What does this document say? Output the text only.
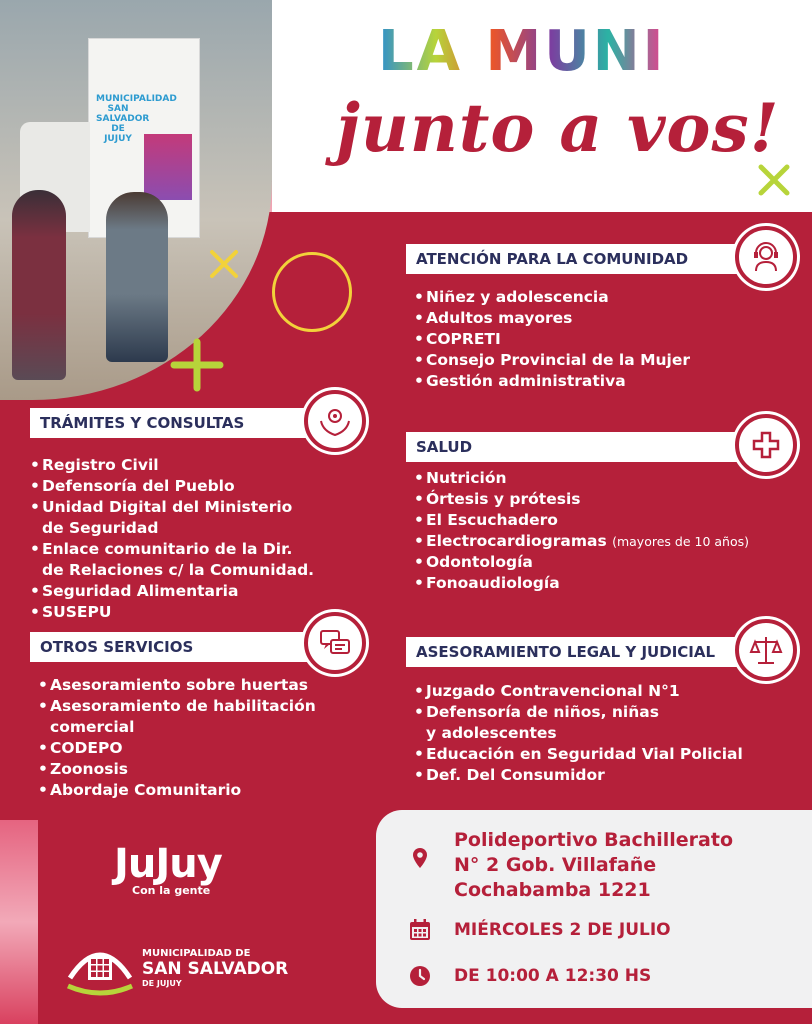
MUNICIPALIDAD SAN SALVADOR DE JUJUY
LA MUNI
junto a vos!
ATENCIÓN PARA LA COMUNIDAD
• Niñez y adolescencia
• Adultos mayores
• COPRETI
• Consejo Provincial de la Mujer
• Gestión administrativa
TRÁMITES Y CONSULTAS
• Registro Civil
• Defensoría del Pueblo
• Unidad Digital del Ministerio
de Seguridad
• Enlace comunitario de la Dir.
de Relaciones c/ la Comunidad.
• Seguridad Alimentaria
• SUSEPU
SALUD
• Nutrición
• Órtesis y prótesis
• El Escuchadero
• Electrocardiogramas (mayores de 10 años)
• Odontología
• Fonoaudiología
OTROS SERVICIOS
• Asesoramiento sobre huertas
• Asesoramiento de habilitación
comercial
• CODEPO
• Zoonosis
• Abordaje Comunitario
ASESORAMIENTO LEGAL Y JUDICIAL
• Juzgado Contravencional N°1
• Defensoría de niños, niñas
y adolescentes
• Educación en Seguridad Vial Policial
• Def. Del Consumidor
JuJuy
Con la gente
MUNICIPALIDAD DE
SAN SALVADOR
DE JUJUY
Polideportivo Bachillerato
N° 2 Gob. Villafañe
Cochabamba 1221
MIÉRCOLES 2 DE JULIO
DE 10:00 A 12:30 HS
